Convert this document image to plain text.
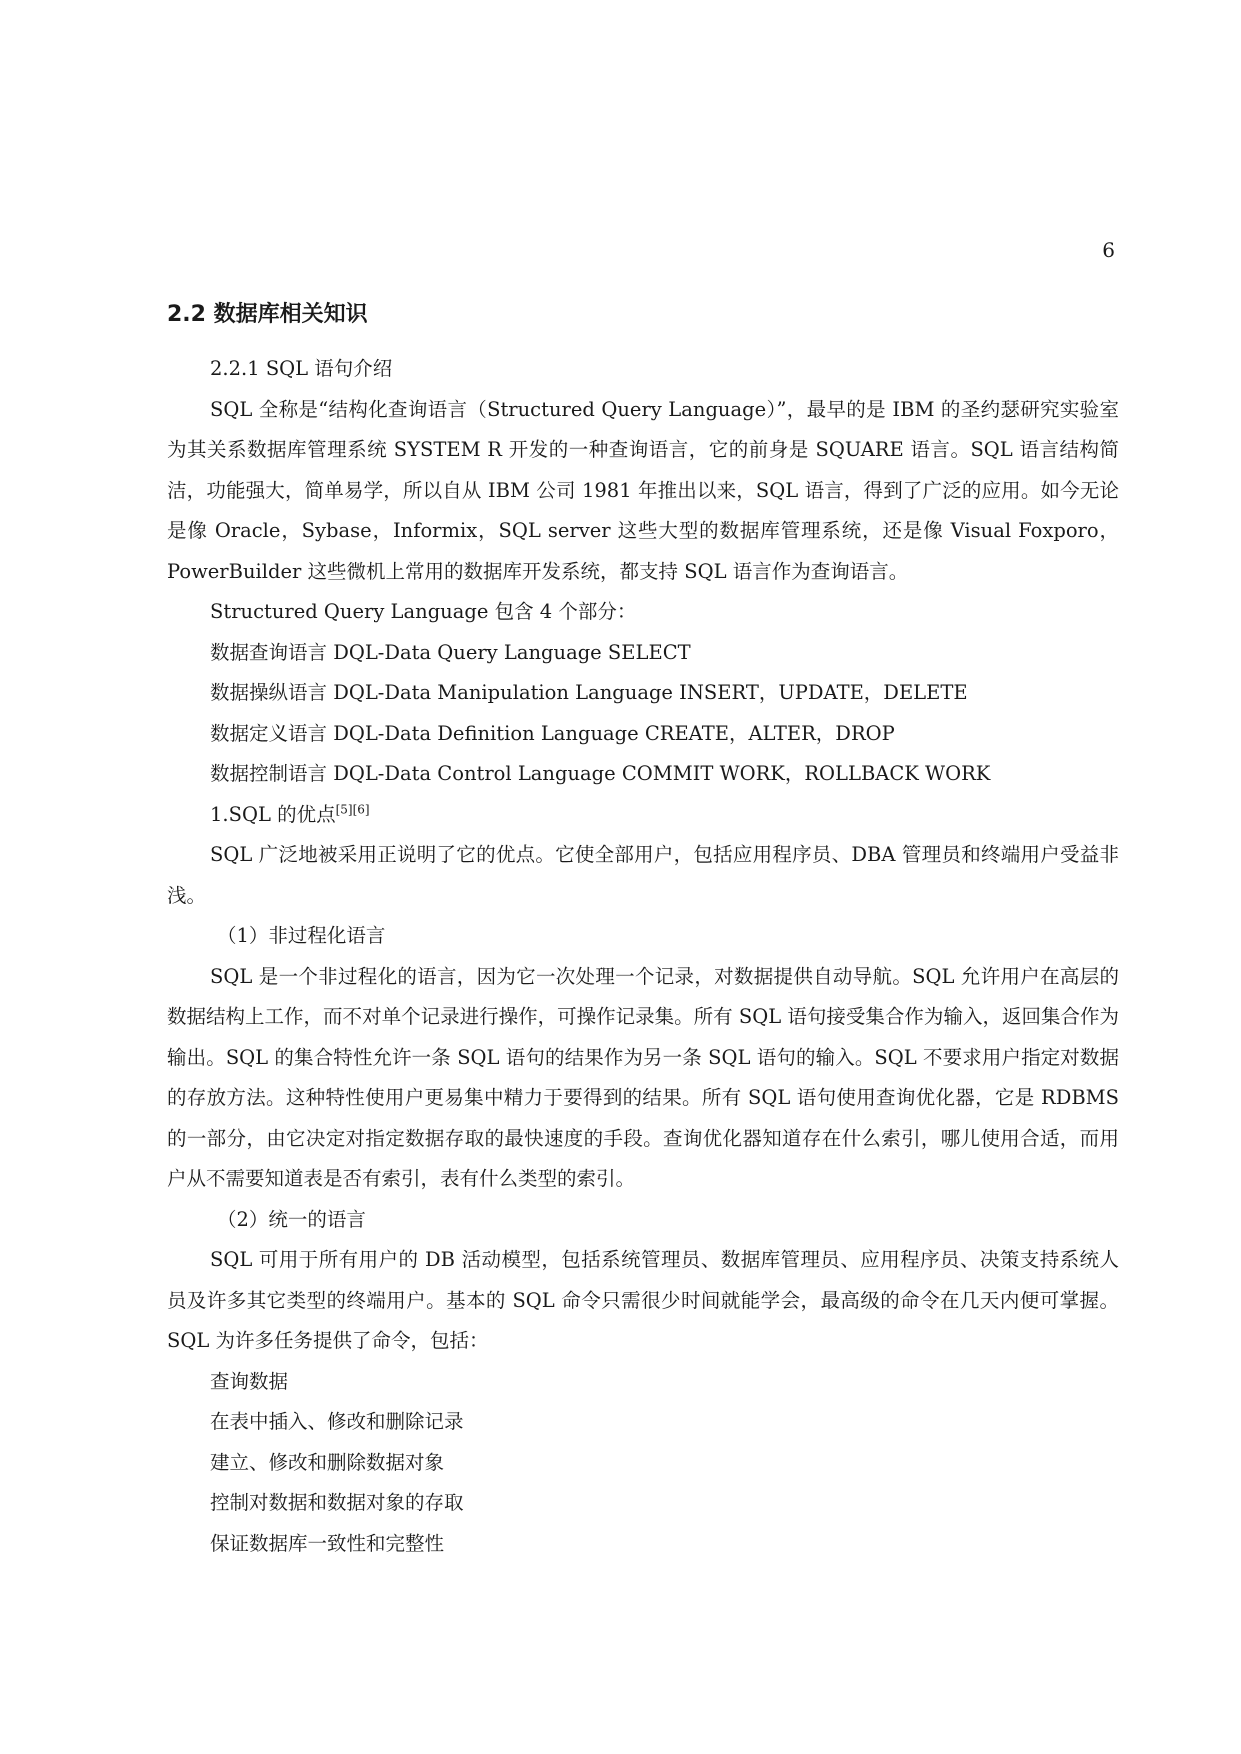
6
2.2 数据库相关知识
2.2.1 SQL 语句介绍
SQL 全称是“结构化查询语言（Structured Query Language）”，最早的是 IBM 的圣约瑟研究实验室为其关系数据库管理系统 SYSTEM R 开发的一种查询语言，它的前身是 SQUARE 语言。SQL 语言结构简洁，功能强大，简单易学，所以自从 IBM 公司 1981 年推出以来，SQL 语言，得到了广泛的应用。如今无论是像 Oracle，Sybase，Informix，SQL server 这些大型的数据库管理系统，还是像 Visual Foxporo，PowerBuilder 这些微机上常用的数据库开发系统，都支持 SQL 语言作为查询语言。
Structured Query Language 包含 4 个部分：
数据查询语言 DQL-Data Query Language SELECT
数据操纵语言 DQL-Data Manipulation Language INSERT，UPDATE，DELETE
数据定义语言 DQL-Data Definition Language CREATE，ALTER，DROP
数据控制语言 DQL-Data Control Language COMMIT WORK，ROLLBACK WORK
1.SQL 的优点[5][6]
SQL 广泛地被采用正说明了它的优点。它使全部用户，包括应用程序员、DBA 管理员和终端用户受益非浅。
（1）非过程化语言
SQL 是一个非过程化的语言，因为它一次处理一个记录，对数据提供自动导航。SQL 允许用户在高层的数据结构上工作，而不对单个记录进行操作，可操作记录集。所有 SQL 语句接受集合作为输入，返回集合作为输出。SQL 的集合特性允许一条 SQL 语句的结果作为另一条 SQL 语句的输入。SQL 不要求用户指定对数据的存放方法。这种特性使用户更易集中精力于要得到的结果。所有 SQL 语句使用查询优化器，它是 RDBMS 的一部分，由它决定对指定数据存取的最快速度的手段。查询优化器知道存在什么索引，哪儿使用合适，而用户从不需要知道表是否有索引，表有什么类型的索引。
（2）统一的语言
SQL 可用于所有用户的 DB 活动模型，包括系统管理员、数据库管理员、应用程序员、决策支持系统人员及许多其它类型的终端用户。基本的 SQL 命令只需很少时间就能学会，最高级的命令在几天内便可掌握。SQL 为许多任务提供了命令，包括：
查询数据
在表中插入、修改和删除记录
建立、修改和删除数据对象
控制对数据和数据对象的存取
保证数据库一致性和完整性
